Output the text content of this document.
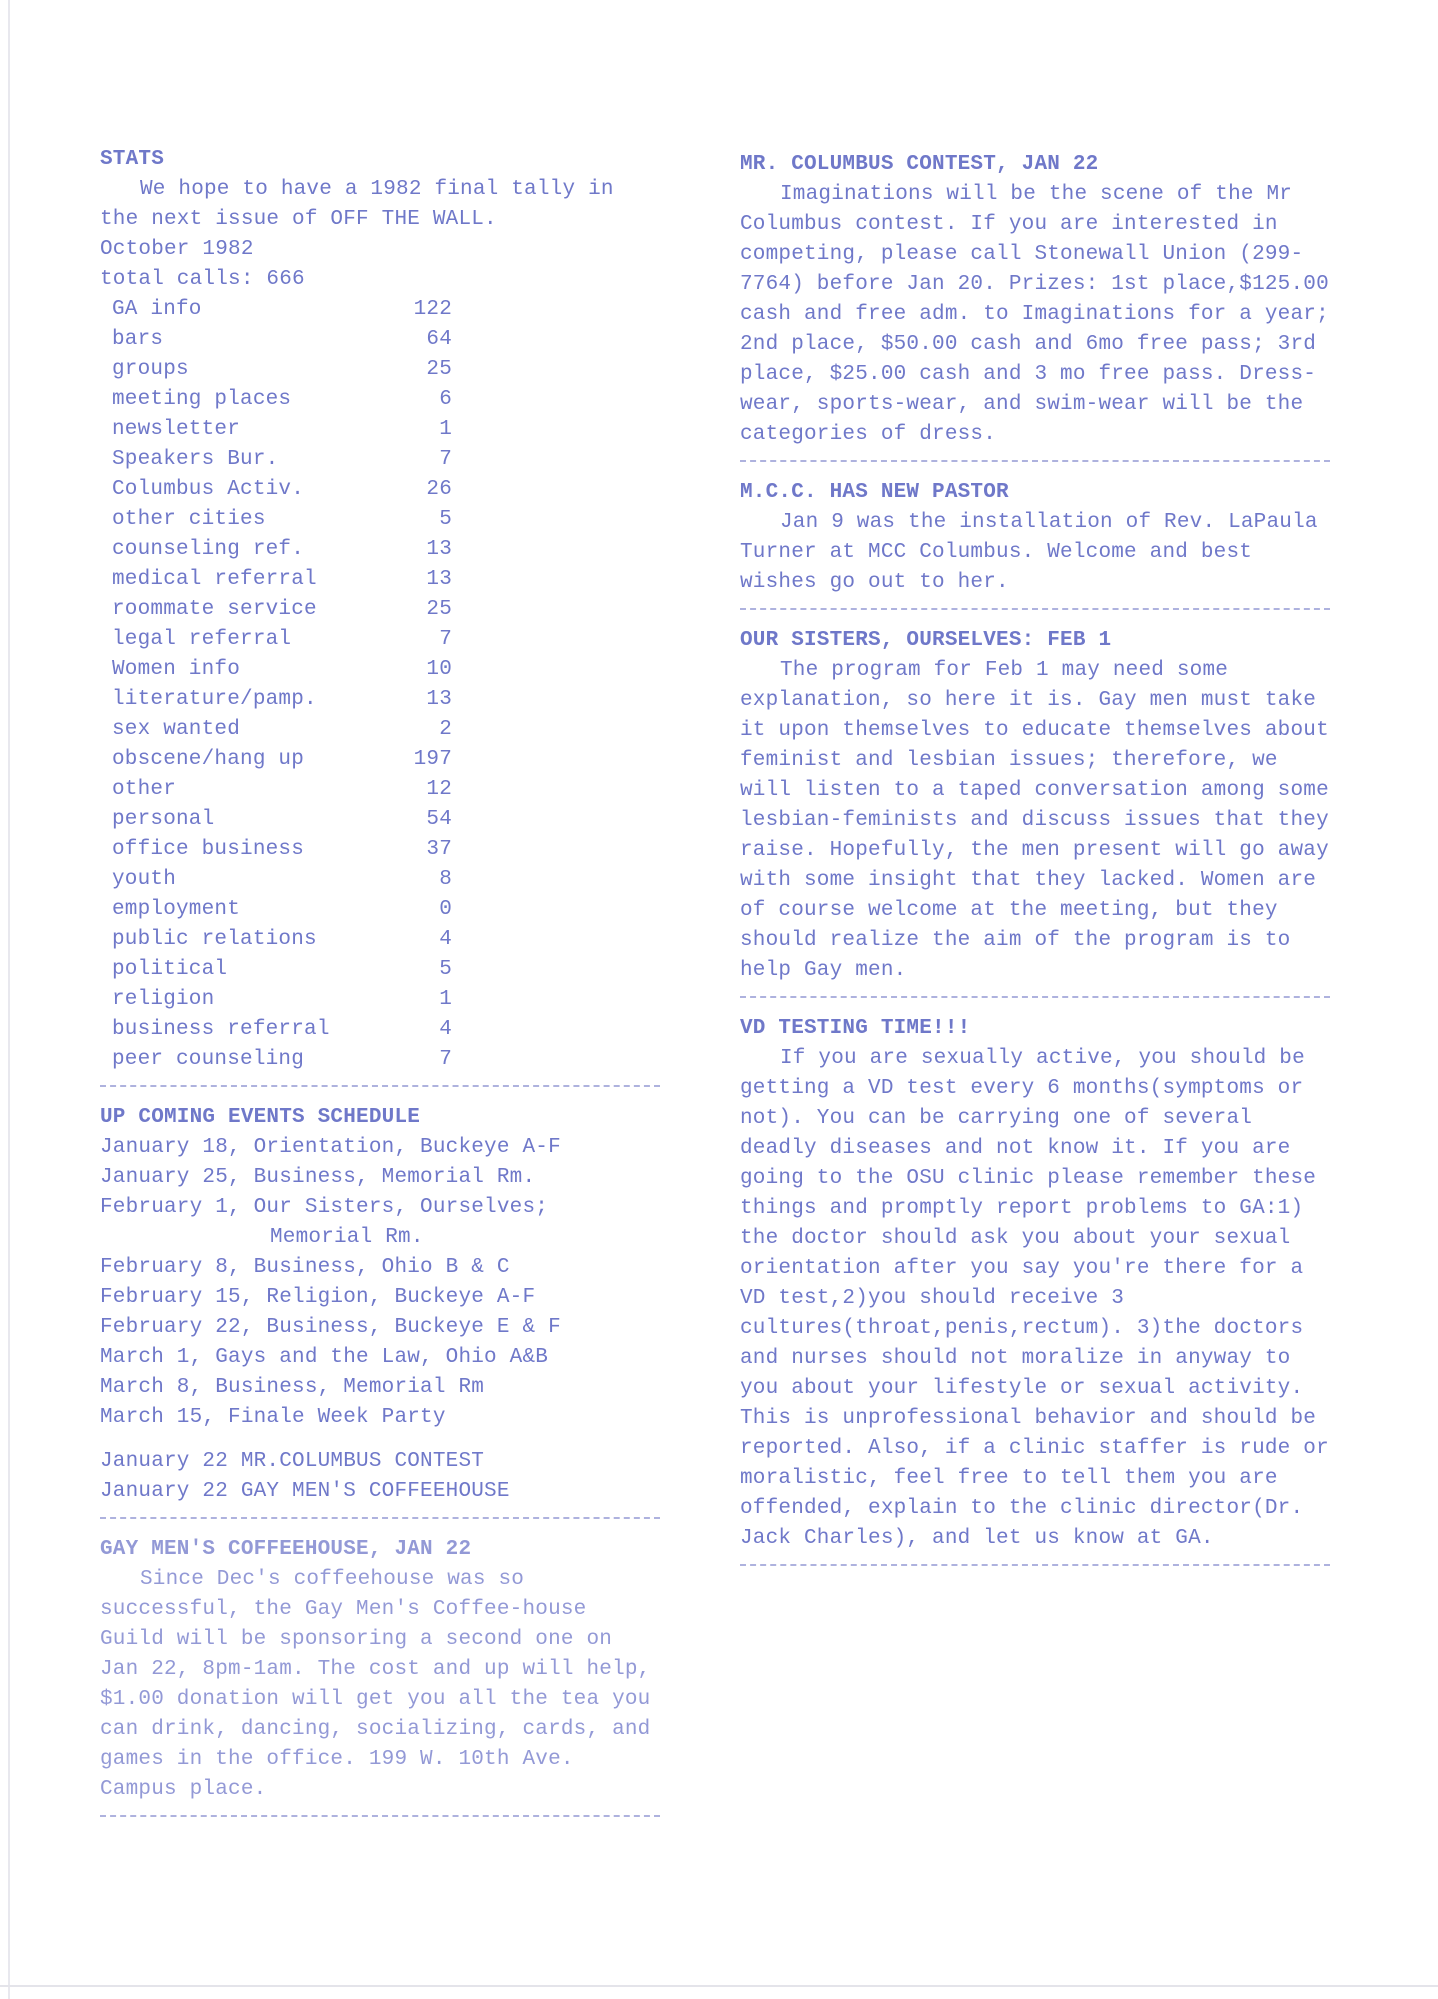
STATS

We hope to have a 1982 final tally in the next issue of OFF THE WALL.

October 1982

total calls: 666

GA info	122
bars	64
groups	25
meeting places	6
newsletter	1
Speakers Bur.	7
Columbus Activ.	26
other cities	5
counseling ref.	13
medical referral	13
roommate service	25
legal referral	7
Women info	10
literature/pamp.	13
sex wanted	2
obscene/hang up	197
other	12
personal	54
office business	37
youth	8
employment	0
public relations	4
political	5
religion	1
business referral	4
peer counseling	7

UP COMING EVENTS SCHEDULE

January 18, Orientation, Buckeye A-F

January 25, Business, Memorial Rm.

February 1, Our Sisters, Ourselves;

Memorial Rm.

February 8, Business, Ohio B & C

February 15, Religion, Buckeye A-F

February 22, Business, Buckeye E & F

March 1, Gays and the Law, Ohio A&B

March 8, Business, Memorial Rm

March 15, Finale Week Party

January 22 MR.COLUMBUS CONTEST

January 22 GAY MEN'S COFFEEHOUSE

GAY MEN'S COFFEEHOUSE, JAN 22

Since Dec's coffeehouse was so successful, the Gay Men's Coffee-house Guild will be sponsoring a second one on Jan 22, 8pm-1am. The cost and up will help, $1.00 donation will get you all the tea you can drink, dancing, socializing, cards, and games in the office. 199 W. 10th Ave. Campus place.

MR. COLUMBUS CONTEST, JAN 22

Imaginations will be the scene of the Mr Columbus contest. If you are interested in competing, please call Stonewall Union (299-7764) before Jan 20. Prizes: 1st place,$125.00 cash and free adm. to Imaginations for a year; 2nd place, $50.00 cash and 6mo free pass; 3rd place, $25.00 cash and 3 mo free pass. Dress-wear, sports-wear, and swim-wear will be the categories of dress.

M.C.C. HAS NEW PASTOR

Jan 9 was the installation of Rev. LaPaula Turner at MCC Columbus. Welcome and best wishes go out to her.

OUR SISTERS, OURSELVES: FEB 1

The program for Feb 1 may need some explanation, so here it is. Gay men must take it upon themselves to educate themselves about feminist and lesbian issues; therefore, we will listen to a taped conversation among some lesbian-feminists and discuss issues that they raise. Hopefully, the men present will go away with some insight that they lacked. Women are of course welcome at the meeting, but they should realize the aim of the program is to help Gay men.

VD TESTING TIME!!!

If you are sexually active, you should be getting a VD test every 6 months(symptoms or not). You can be carrying one of several deadly diseases and not know it. If you are going to the OSU clinic please remember these things and promptly report problems to GA:1) the doctor should ask you about your sexual orientation after you say you're there for a VD test,2)you should receive 3 cultures(throat,penis,rectum). 3)the doctors and nurses should not moralize in anyway to you about your lifestyle or sexual activity. This is unprofessional behavior and should be reported. Also, if a clinic staffer is rude or moralistic, feel free to tell them you are offended, explain to the clinic director(Dr. Jack Charles), and let us know at GA.
